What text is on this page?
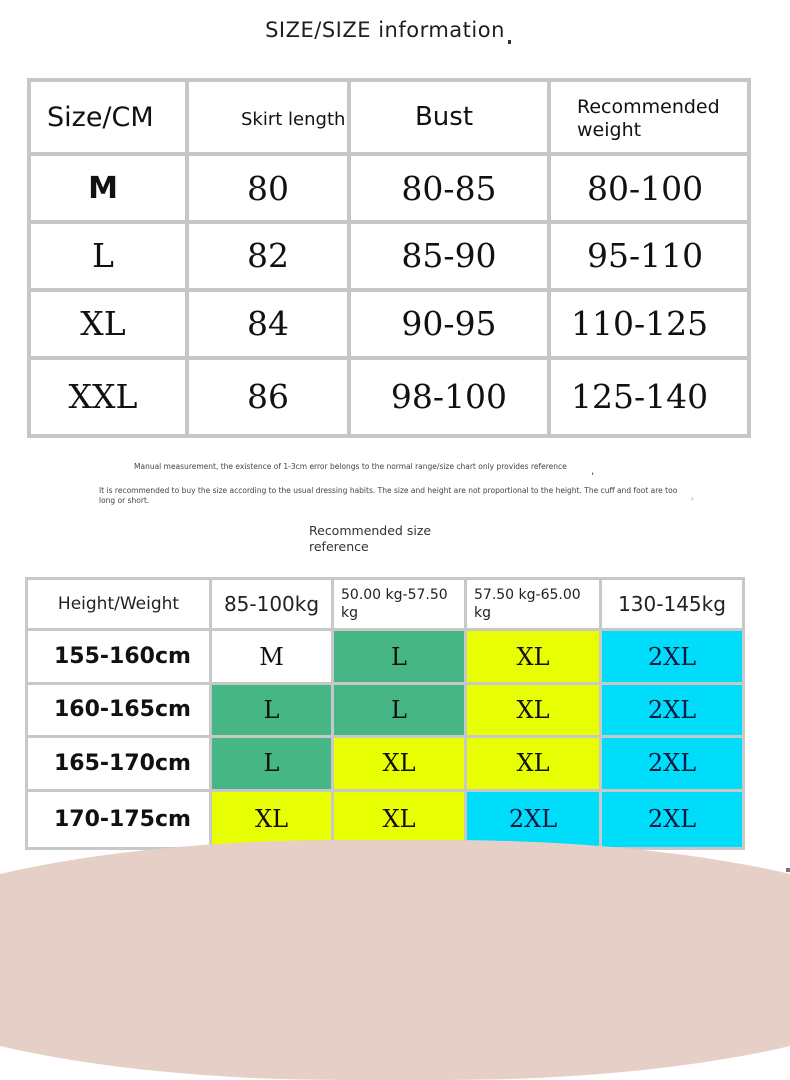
SIZE/SIZE information
Size/CM	Skirt length	Bust	Recommended weight
M	80	80-85	80-100
L	82	85-90	95-110
XL	84	90-95	110-125
XXL	86	98-100	125-140
Manual measurement, the existence of 1-3cm error belongs to the normal range/size chart only provides reference ,
It is recommended to buy the size according to the usual dressing habits. The size and height are not proportional to the height. The cuff and foot are too long or short.	›
Recommended size reference
Height/Weight	85-100kg	50.00 kg-57.50 kg	57.50 kg-65.00 kg	130-145kg
155-160cm	M	L	XL	2XL
160-165cm	L	L	XL	2XL
165-170cm	L	XL	XL	2XL
170-175cm	XL	XL	2XL	2XL
